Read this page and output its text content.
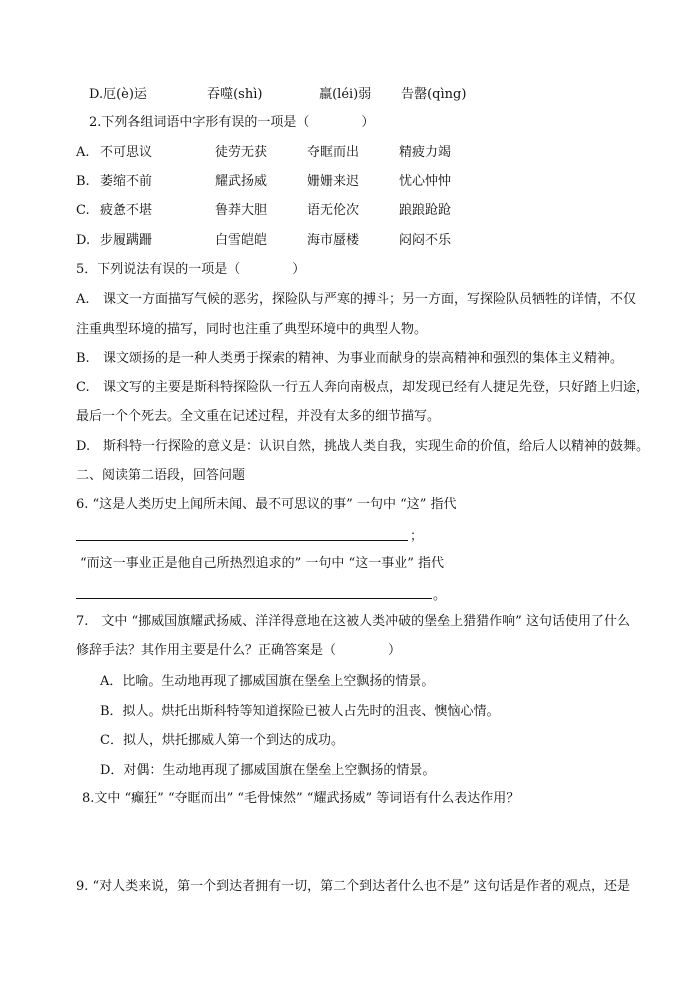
D.厄(è)运	吞噬(shì)	羸(léi)弱 告罄(qìng)
2.下列各组词语中字形有误的一项是（　　　　）
A. 不可思议	徒劳无获	夺眶而出	精疲力竭
B. 萎缩不前	耀武扬威	姗姗来迟	忧心忡忡
C. 疲惫不堪	鲁莽大胆	语无伦次	踉踉跄跄
D. 步履蹒跚	白雪皑皑	海市蜃楼	闷闷不乐
5．下列说法有误的一项是（　　　　）
A. 课文一方面描写气候的恶劣，探险队与严寒的搏斗；另一方面，写探险队员牺牲的详情，不仅
注重典型环境的描写，同时也注重了典型环境中的典型人物。
B. 课文颂扬的是一种人类勇于探索的精神、为事业而献身的崇高精神和强烈的集体主义精神。
C. 课文写的主要是斯科特探险队一行五人奔向南极点，却发现已经有人捷足先登，只好踏上归途，
最后一个个死去。全文重在记述过程，并没有太多的细节描写。
D. 斯科特一行探险的意义是：认识自然，挑战人类自我，实现生命的价值，给后人以精神的鼓舞。
二、阅读第二语段，回答问题
6. “这是人类历史上闻所未闻、最不可思议的事” 一句中 “这” 指代
；
“而这一事业正是他自己所热烈追求的” 一句中 “这一事业” 指代
。
7.　文中 “挪威国旗耀武扬威、洋洋得意地在这被人类冲破的堡垒上猎猎作响” 这句话使用了什么
修辞手法？其作用主要是什么？正确答案是（　　　　）
A．比喻。生动地再现了挪威国旗在堡垒上空飘扬的情景。
B．拟人。烘托出斯科特等知道探险已被人占先时的沮丧、懊恼心情。
C．拟人，烘托挪威人第一个到达的成功。
D．对偶：生动地再现了挪威国旗在堡垒上空飘扬的情景。
8.文中 “癫狂” “夺眶而出” “毛骨悚然” “耀武扬威” 等词语有什么表达作用？
9. “对人类来说，第一个到达者拥有一切，第二个到达者什么也不是” 这句话是作者的观点，还是
